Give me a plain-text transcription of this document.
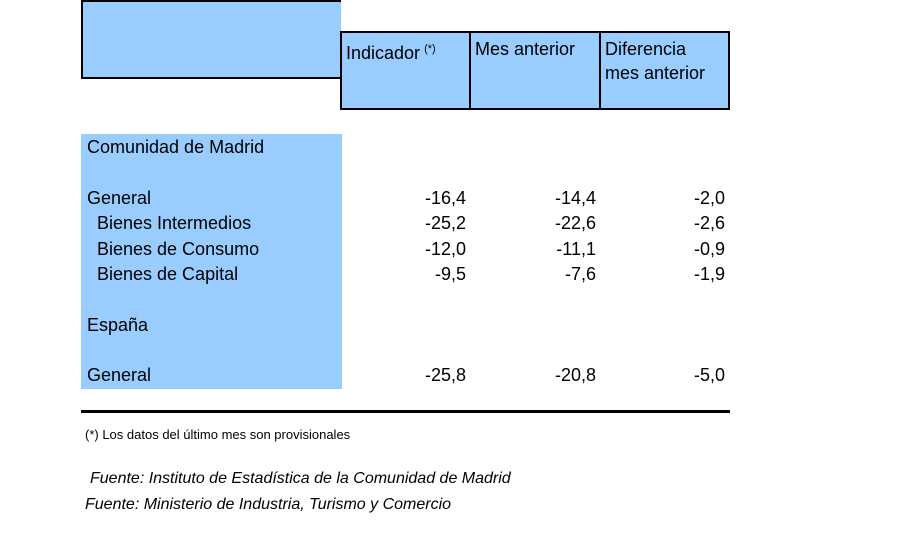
Indicador (*)	Mes anterior	Diferencia
mes anterior
Comunidad de Madrid
General	-16,4	-14,4	-2,0
Bienes Intermedios	-25,2	-22,6	-2,6
Bienes de Consumo	-12,0	-11,1	-0,9
Bienes de Capital	-9,5	-7,6	-1,9
España
General	-25,8	-20,8	-5,0
(*) Los datos del último mes son provisionales
Fuente: Instituto de Estadística de la Comunidad de Madrid
Fuente: Ministerio de Industria, Turismo y Comercio
